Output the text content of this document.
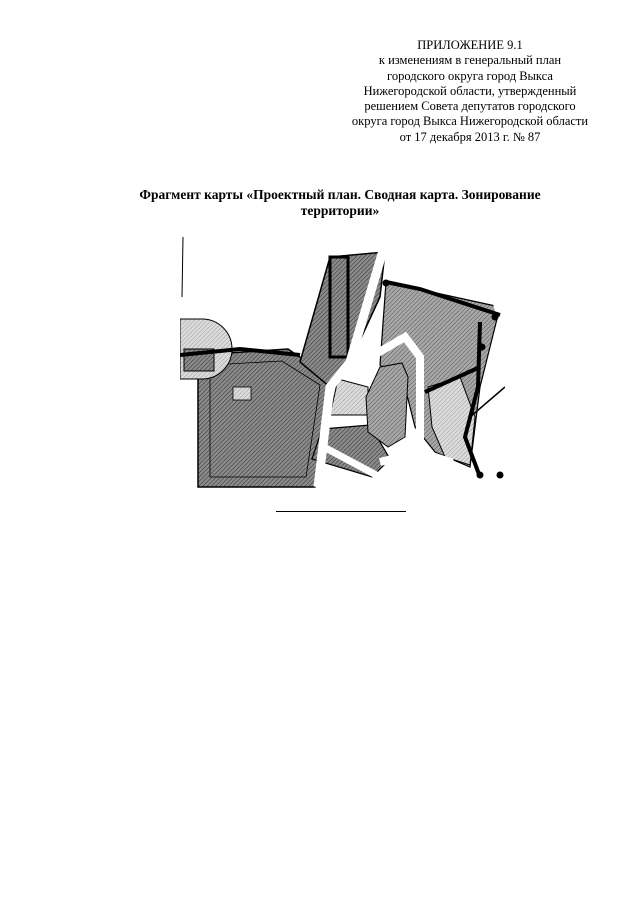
ПРИЛОЖЕНИЕ 9.1
к изменениям в генеральный план
городского округа город Выкса
Нижегородской области, утвержденный
решением Совета депутатов городского
округа город Выкса Нижегородской области
от 17 декабря 2013 г. № 87
Фрагмент карты «Проектный план. Сводная карта. Зонирование
территории»
